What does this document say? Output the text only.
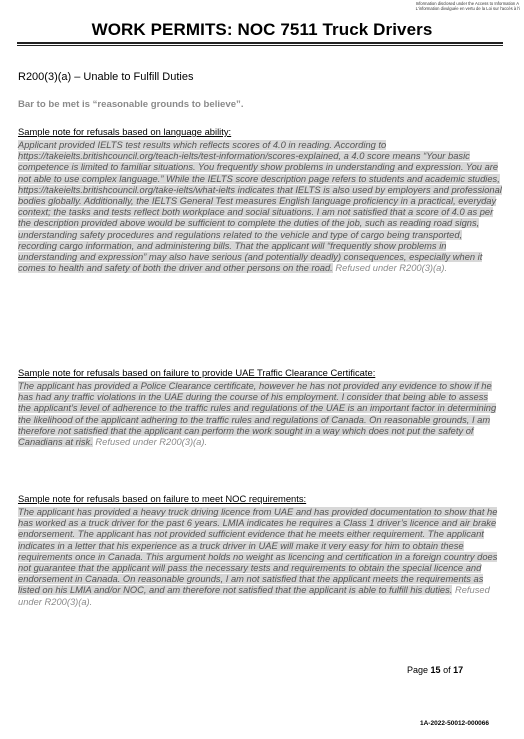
Information disclosed under the Access to Information A
L'information divulguée en vertu de la Loi sur l'accès à l'i
WORK PERMITS: NOC 7511 Truck Drivers
R200(3)(a) – Unable to Fulfill Duties
Bar to be met is “reasonable grounds to believe”.
Sample note for refusals based on language ability:
Applicant provided IELTS test results which reflects scores of 4.0 in reading. According to https://takeielts.britishcouncil.org/teach-ielts/test-information/scores-explained, a 4.0 score means “Your basic competence is limited to familiar situations. You frequently show problems in understanding and expression. You are not able to use complex language.” While the IELTS score description page refers to students and academic studies, https://takeielts.britishcouncil.org/take-ielts/what-ielts indicates that IELTS is also used by employers and professional bodies globally. Additionally, the IELTS General Test measures English language proficiency in a practical, everyday context; the tasks and tests reflect both workplace and social situations. I am not satisfied that a score of 4.0 as per the description provided above would be sufficient to complete the duties of the job, such as reading road signs, understanding safety procedures and regulations related to the vehicle and type of cargo being transported, recording cargo information, and administering bills. That the applicant will “frequently show problems in understanding and expression” may also have serious (and potentially deadly) consequences, especially when it comes to health and safety of both the driver and other persons on the road. Refused under R200(3)(a).
Sample note for refusals based on failure to provide UAE Traffic Clearance Certificate:
The applicant has provided a Police Clearance certificate, however he has not provided any evidence to show if he has had any traffic violations in the UAE during the course of his employment. I consider that being able to assess the applicant’s level of adherence to the traffic rules and regulations of the UAE is an important factor in determining the likelihood of the applicant adhering to the traffic rules and regulations of Canada. On reasonable grounds, I am therefore not satisfied that the applicant can perform the work sought in a way which does not put the safety of Canadians at risk. Refused under R200(3)(a).
Sample note for refusals based on failure to meet NOC requirements:
The applicant has provided a heavy truck driving licence from UAE and has provided documentation to show that he has worked as a truck driver for the past 6 years. LMIA indicates he requires a Class 1 driver’s licence and air brake endorsement. The applicant has not provided sufficient evidence that he meets either requirement. The applicant indicates in a letter that his experience as a truck driver in UAE will make it very easy for him to obtain these requirements once in Canada. This argument holds no weight as licencing and certification in a foreign country does not guarantee that the applicant will pass the necessary tests and requirements to obtain the special licence and endorsement in Canada. On reasonable grounds, I am not satisfied that the applicant meets the requirements as listed on his LMIA and/or NOC, and am therefore not satisfied that the applicant is able to fulfill his duties. Refused under R200(3)(a).
Page 15 of 17
1A-2022-50012-000066
